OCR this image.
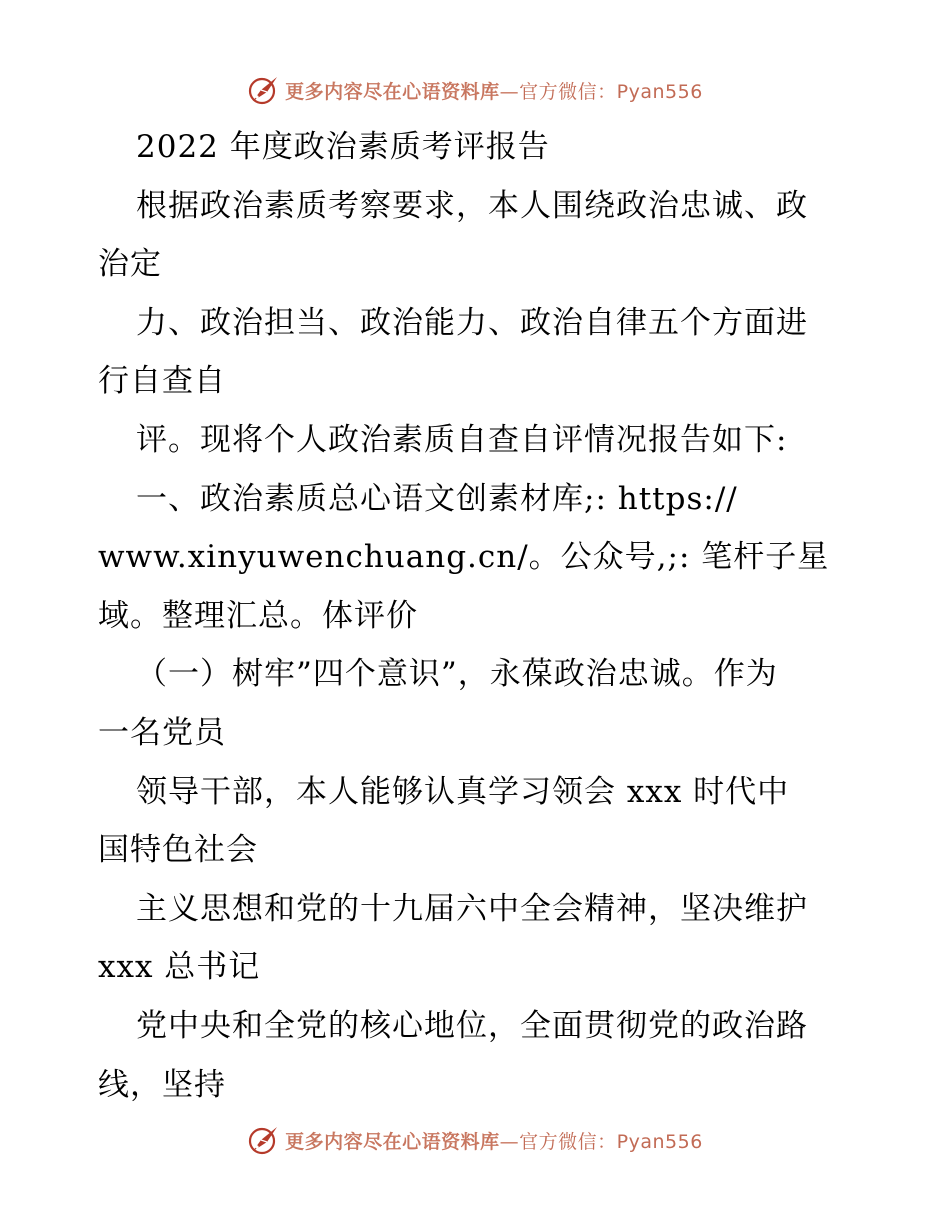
更多内容尽在心语资料库—官方微信：Pyan556
2022 年度政治素质考评报告
根据政治素质考察要求，本人围绕政治忠诚、政
治定
力、政治担当、政治能力、政治自律五个方面进
行自查自
评。现将个人政治素质自查自评情况报告如下:
一、政治素质总心语文创素材库;: https://
www.xinyuwenchuang.cn/。公众号,;: 笔杆子星
域。整理汇总。体评价
（一）树牢”四个意识”，永葆政治忠诚。作为
一名党员
领导干部，本人能够认真学习领会 xxx 时代中
国特色社会
主义思想和党的十九届六中全会精神，坚决维护
xxx 总书记
党中央和全党的核心地位，全面贯彻党的政治路
线，坚持
更多内容尽在心语资料库—官方微信：Pyan556
